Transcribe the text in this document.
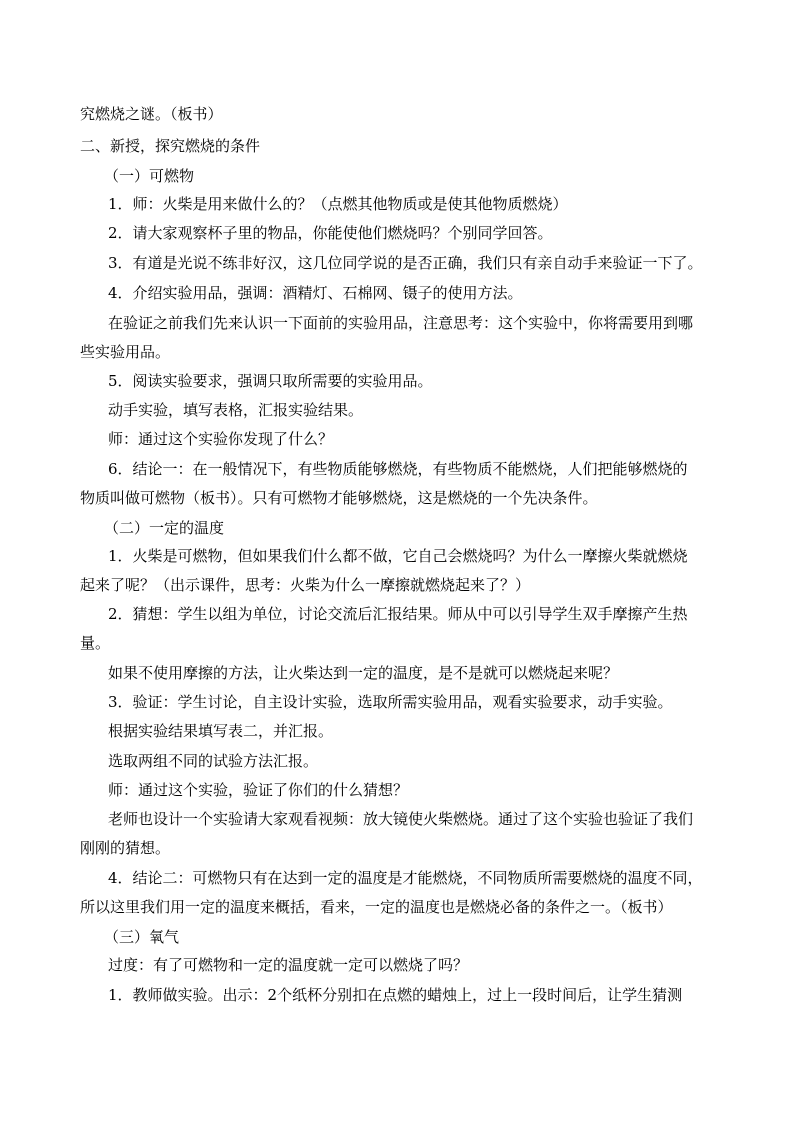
究燃烧之谜。（板书）

二、新授，探究燃烧的条件

（一）可燃物

1．师：火柴是用来做什么的？（点燃其他物质或是使其他物质燃烧）

2．请大家观察杯子里的物品，你能使他们燃烧吗？个别同学回答。

3．有道是光说不练非好汉，这几位同学说的是否正确，我们只有亲自动手来验证一下了。

4．介绍实验用品，强调：酒精灯、石棉网、镊子的使用方法。

在验证之前我们先来认识一下面前的实验用品，注意思考：这个实验中，你将需要用到哪

些实验用品。

5．阅读实验要求，强调只取所需要的实验用品。

动手实验，填写表格，汇报实验结果。

师：通过这个实验你发现了什么？

6．结论一：在一般情况下，有些物质能够燃烧，有些物质不能燃烧，人们把能够燃烧的

物质叫做可燃物（板书）。只有可燃物才能够燃烧，这是燃烧的一个先决条件。

（二）一定的温度

1．火柴是可燃物，但如果我们什么都不做，它自己会燃烧吗？为什么一摩擦火柴就燃烧

起来了呢？（出示课件，思考：火柴为什么一摩擦就燃烧起来了？）

2．猜想：学生以组为单位，讨论交流后汇报结果。师从中可以引导学生双手摩擦产生热

量。

如果不使用摩擦的方法，让火柴达到一定的温度，是不是就可以燃烧起来呢？

3．验证：学生讨论，自主设计实验，选取所需实验用品，观看实验要求，动手实验。

根据实验结果填写表二，并汇报。

选取两组不同的试验方法汇报。

师：通过这个实验，验证了你们的什么猜想？

老师也设计一个实验请大家观看视频：放大镜使火柴燃烧。通过了这个实验也验证了我们

刚刚的猜想。

4．结论二：可燃物只有在达到一定的温度是才能燃烧，不同物质所需要燃烧的温度不同，

所以这里我们用一定的温度来概括，看来，一定的温度也是燃烧必备的条件之一。（板书）

（三）氧气

过度：有了可燃物和一定的温度就一定可以燃烧了吗？

1．教师做实验。出示：2个纸杯分别扣在点燃的蜡烛上，过上一段时间后，让学生猜测
